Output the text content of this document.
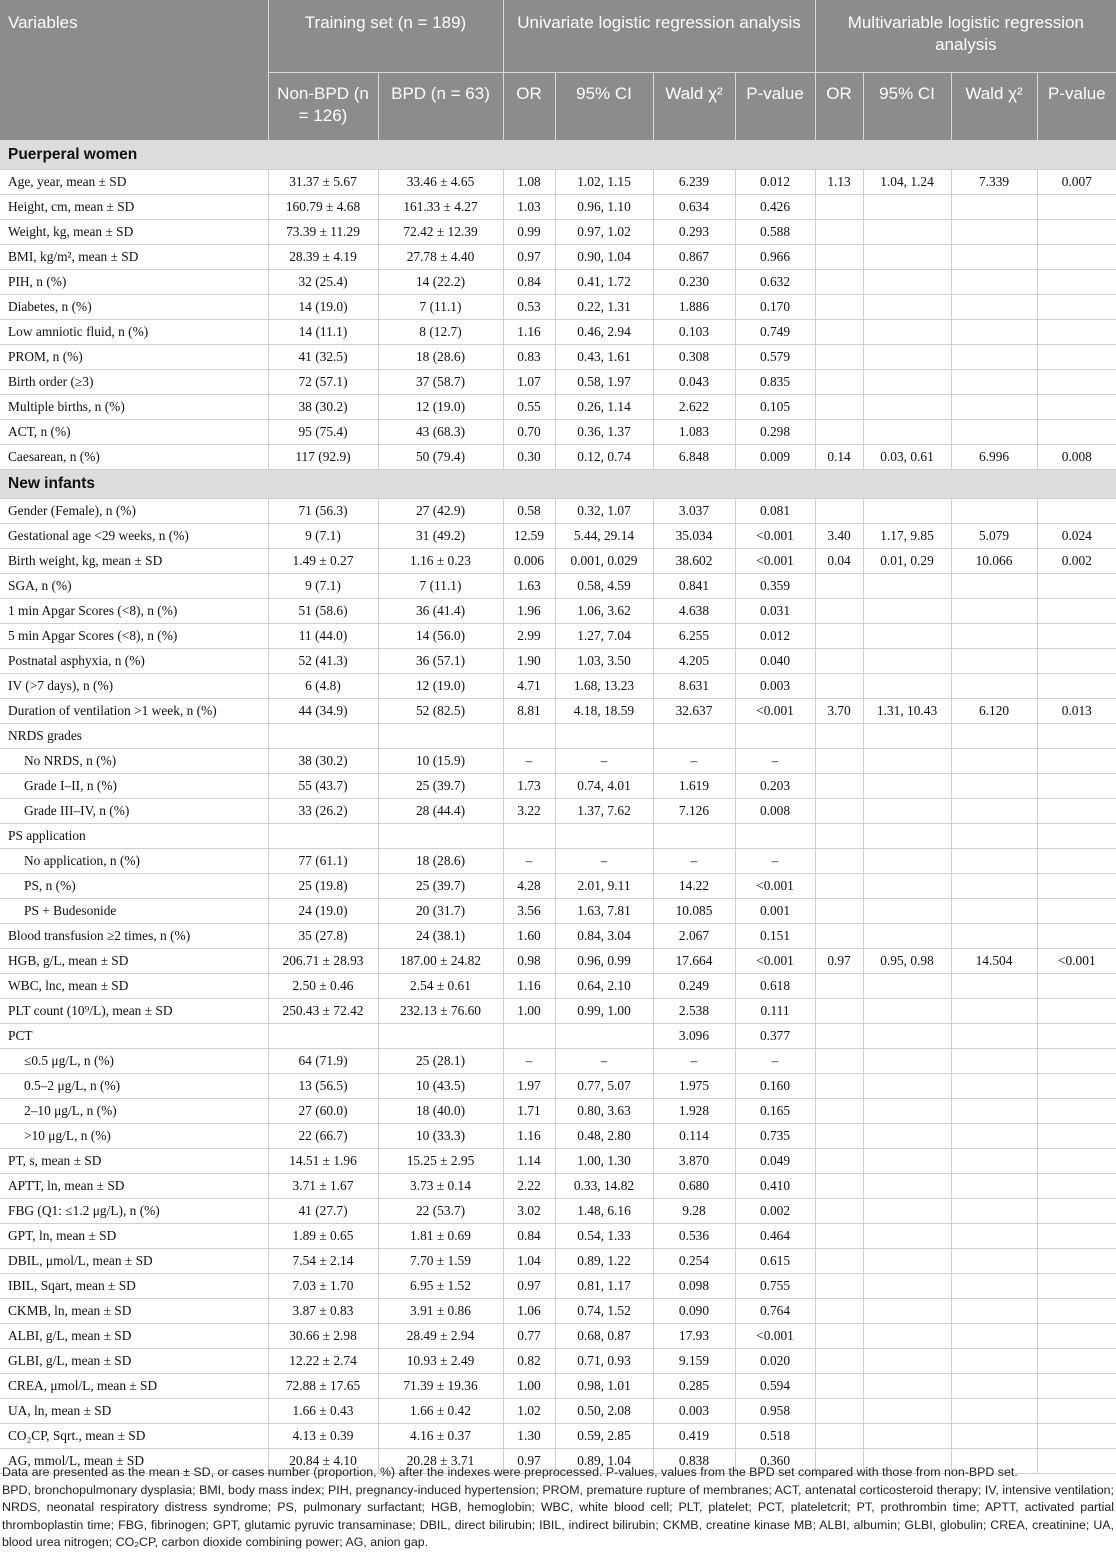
Variables	Training set (n = 189)		Univariate logistic regression analysis				Multivariable logistic regression analysis			
	Non-BPD (n = 126)	BPD (n = 63)	OR	95% CI	Wald χ²	P-value	OR	95% CI	Wald χ²	P-value
Puerperal women										
Age, year, mean ± SD	31.37 ± 5.67	33.46 ± 4.65	1.08	1.02, 1.15	6.239	0.012	1.13	1.04, 1.24	7.339	0.007
Height, cm, mean ± SD	160.79 ± 4.68	161.33 ± 4.27	1.03	0.96, 1.10	0.634	0.426				
Weight, kg, mean ± SD	73.39 ± 11.29	72.42 ± 12.39	0.99	0.97, 1.02	0.293	0.588				
BMI, kg/m², mean ± SD	28.39 ± 4.19	27.78 ± 4.40	0.97	0.90, 1.04	0.867	0.966				
PIH, n (%)	32 (25.4)	14 (22.2)	0.84	0.41, 1.72	0.230	0.632				
Diabetes, n (%)	14 (19.0)	7 (11.1)	0.53	0.22, 1.31	1.886	0.170				
Low amniotic fluid, n (%)	14 (11.1)	8 (12.7)	1.16	0.46, 2.94	0.103	0.749				
PROM, n (%)	41 (32.5)	18 (28.6)	0.83	0.43, 1.61	0.308	0.579				
Birth order (≥3)	72 (57.1)	37 (58.7)	1.07	0.58, 1.97	0.043	0.835				
Multiple births, n (%)	38 (30.2)	12 (19.0)	0.55	0.26, 1.14	2.622	0.105				
ACT, n (%)	95 (75.4)	43 (68.3)	0.70	0.36, 1.37	1.083	0.298				
Caesarean, n (%)	117 (92.9)	50 (79.4)	0.30	0.12, 0.74	6.848	0.009	0.14	0.03, 0.61	6.996	0.008
New infants										
Gender (Female), n (%)	71 (56.3)	27 (42.9)	0.58	0.32, 1.07	3.037	0.081				
Gestational age <29 weeks, n (%)	9 (7.1)	31 (49.2)	12.59	5.44, 29.14	35.034	<0.001	3.40	1.17, 9.85	5.079	0.024
Birth weight, kg, mean ± SD	1.49 ± 0.27	1.16 ± 0.23	0.006	0.001, 0.029	38.602	<0.001	0.04	0.01, 0.29	10.066	0.002
SGA, n (%)	9 (7.1)	7 (11.1)	1.63	0.58, 4.59	0.841	0.359				
1 min Apgar Scores (<8), n (%)	51 (58.6)	36 (41.4)	1.96	1.06, 3.62	4.638	0.031				
5 min Apgar Scores (<8), n (%)	11 (44.0)	14 (56.0)	2.99	1.27, 7.04	6.255	0.012				
Postnatal asphyxia, n (%)	52 (41.3)	36 (57.1)	1.90	1.03, 3.50	4.205	0.040				
IV (>7 days), n (%)	6 (4.8)	12 (19.0)	4.71	1.68, 13.23	8.631	0.003				
Duration of ventilation >1 week, n (%)	44 (34.9)	52 (82.5)	8.81	4.18, 18.59	32.637	<0.001	3.70	1.31, 10.43	6.120	0.013
NRDS grades										
No NRDS, n (%)	38 (30.2)	10 (15.9)	–	–	–	–				
Grade I–II, n (%)	55 (43.7)	25 (39.7)	1.73	0.74, 4.01	1.619	0.203				
Grade III–IV, n (%)	33 (26.2)	28 (44.4)	3.22	1.37, 7.62	7.126	0.008				
PS application										
No application, n (%)	77 (61.1)	18 (28.6)	–	–	–	–				
PS, n (%)	25 (19.8)	25 (39.7)	4.28	2.01, 9.11	14.22	<0.001				
PS + Budesonide	24 (19.0)	20 (31.7)	3.56	1.63, 7.81	10.085	0.001				
Blood transfusion ≥2 times, n (%)	35 (27.8)	24 (38.1)	1.60	0.84, 3.04	2.067	0.151				
HGB, g/L, mean ± SD	206.71 ± 28.93	187.00 ± 24.82	0.98	0.96, 0.99	17.664	<0.001	0.97	0.95, 0.98	14.504	<0.001
WBC, lnc, mean ± SD	2.50 ± 0.46	2.54 ± 0.61	1.16	0.64, 2.10	0.249	0.618				
PLT count (10⁹/L), mean ± SD	250.43 ± 72.42	232.13 ± 76.60	1.00	0.99, 1.00	2.538	0.111				
PCT					3.096	0.377				
≤0.5 μg/L, n (%)	64 (71.9)	25 (28.1)	–	–	–	–				
0.5–2 μg/L, n (%)	13 (56.5)	10 (43.5)	1.97	0.77, 5.07	1.975	0.160				
2–10 μg/L, n (%)	27 (60.0)	18 (40.0)	1.71	0.80, 3.63	1.928	0.165				
>10 μg/L, n (%)	22 (66.7)	10 (33.3)	1.16	0.48, 2.80	0.114	0.735				
PT, s, mean ± SD	14.51 ± 1.96	15.25 ± 2.95	1.14	1.00, 1.30	3.870	0.049				
APTT, ln, mean ± SD	3.71 ± 1.67	3.73 ± 0.14	2.22	0.33, 14.82	0.680	0.410				
FBG (Q1: ≤1.2 μg/L), n (%)	41 (27.7)	22 (53.7)	3.02	1.48, 6.16	9.28	0.002				
GPT, ln, mean ± SD	1.89 ± 0.65	1.81 ± 0.69	0.84	0.54, 1.33	0.536	0.464				
DBIL, μmol/L, mean ± SD	7.54 ± 2.14	7.70 ± 1.59	1.04	0.89, 1.22	0.254	0.615				
IBIL, Sqart, mean ± SD	7.03 ± 1.70	6.95 ± 1.52	0.97	0.81, 1.17	0.098	0.755				
CKMB, ln, mean ± SD	3.87 ± 0.83	3.91 ± 0.86	1.06	0.74, 1.52	0.090	0.764				
ALBI, g/L, mean ± SD	30.66 ± 2.98	28.49 ± 2.94	0.77	0.68, 0.87	17.93	<0.001				
GLBI, g/L, mean ± SD	12.22 ± 2.74	10.93 ± 2.49	0.82	0.71, 0.93	9.159	0.020				
CREA, μmol/L, mean ± SD	72.88 ± 17.65	71.39 ± 19.36	1.00	0.98, 1.01	0.285	0.594				
UA, ln, mean ± SD	1.66 ± 0.43	1.66 ± 0.42	1.02	0.50, 2.08	0.003	0.958				
CO₂CP, Sqrt., mean ± SD	4.13 ± 0.39	4.16 ± 0.37	1.30	0.59, 2.85	0.419	0.518				
AG, mmol/L, mean ± SD	20.84 ± 4.10	20.28 ± 3.71	0.97	0.89, 1.04	0.838	0.360				

Data are presented as the mean ± SD, or cases number (proportion, %) after the indexes were preprocessed. P-values, values from the BPD set compared with those from non-BPD set.

BPD, bronchopulmonary dysplasia; BMI, body mass index; PIH, pregnancy-induced hypertension; PROM, premature rupture of membranes; ACT, antenatal corticosteroid therapy; IV, intensive ventilation; NRDS, neonatal respiratory distress syndrome; PS, pulmonary surfactant; HGB, hemoglobin; WBC, white blood cell; PLT, platelet; PCT, plateletcrit; PT, prothrombin time; APTT, activated partial thromboplastin time; FBG, fibrinogen; GPT, glutamic pyruvic transaminase; DBIL, direct bilirubin; IBIL, indirect bilirubin; CKMB, creatine kinase MB; ALBI, albumin; GLBI, globulin; CREA, creatinine; UA, blood urea nitrogen; CO₂CP, carbon dioxide combining power; AG, anion gap.
